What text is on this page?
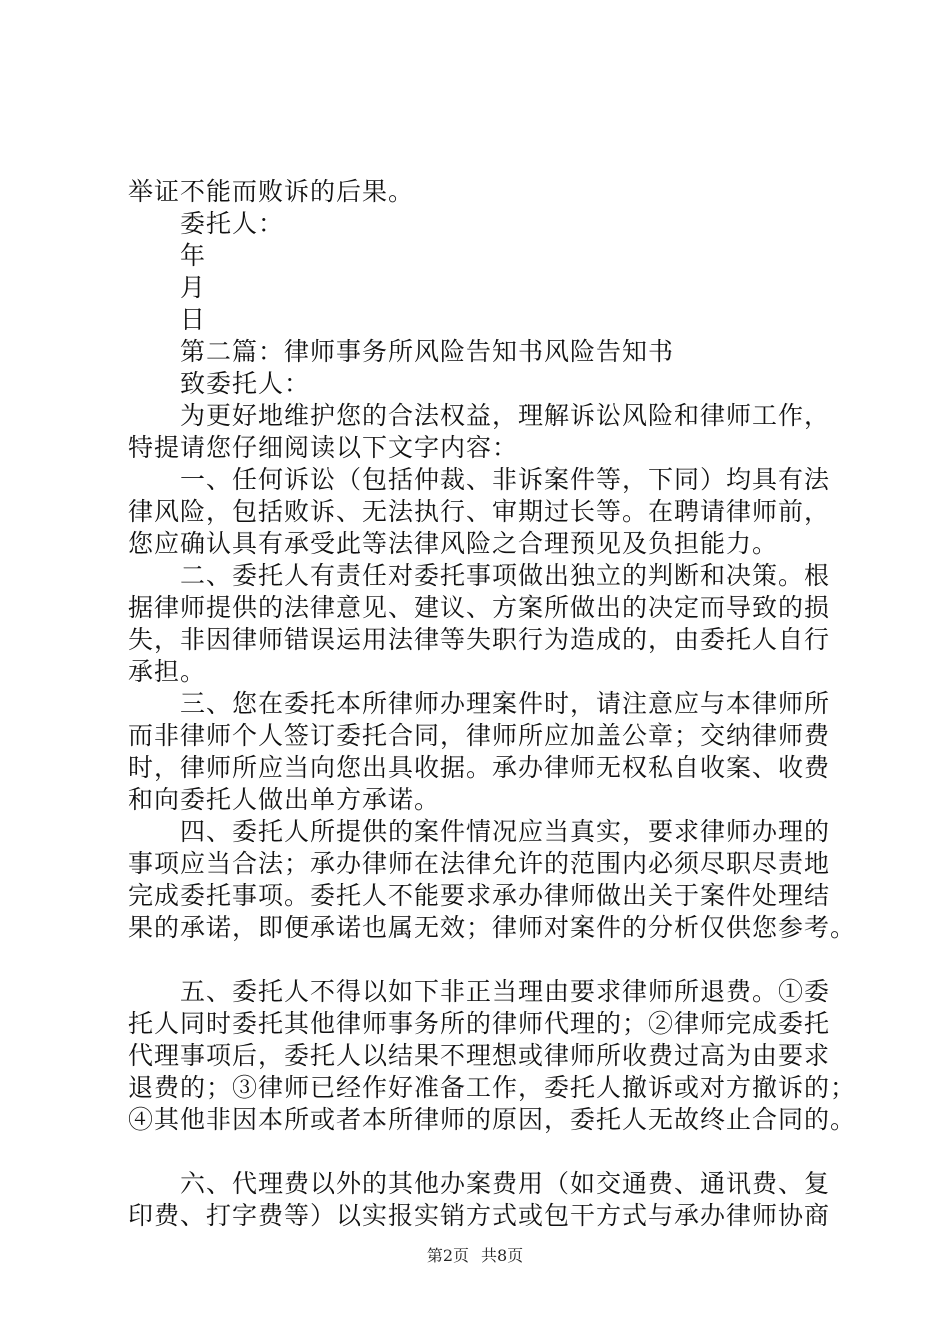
举证不能而败诉的后果。
委托人：
年
月
日
第二篇：律师事务所风险告知书风险告知书
致委托人：
为更好地维护您的合法权益，理解诉讼风险和律师工作，
特提请您仔细阅读以下文字内容：
一、任何诉讼（包括仲裁、非诉案件等，下同）均具有法
律风险，包括败诉、无法执行、审期过长等。在聘请律师前，
您应确认具有承受此等法律风险之合理预见及负担能力。
二、委托人有责任对委托事项做出独立的判断和决策。根
据律师提供的法律意见、建议、方案所做出的决定而导致的损
失，非因律师错误运用法律等失职行为造成的，由委托人自行
承担。
三、您在委托本所律师办理案件时，请注意应与本律师所
而非律师个人签订委托合同，律师所应加盖公章；交纳律师费
时，律师所应当向您出具收据。承办律师无权私自收案、收费
和向委托人做出单方承诺。
四、委托人所提供的案件情况应当真实，要求律师办理的
事项应当合法；承办律师在法律允许的范围内必须尽职尽责地
完成委托事项。委托人不能要求承办律师做出关于案件处理结
果的承诺，即便承诺也属无效；律师对案件的分析仅供您参考。
五、委托人不得以如下非正当理由要求律师所退费。①委
托人同时委托其他律师事务所的律师代理的；②律师完成委托
代理事项后，委托人以结果不理想或律师所收费过高为由要求
退费的；③律师已经作好准备工作，委托人撤诉或对方撤诉的；
④其他非因本所或者本所律师的原因，委托人无故终止合同的。
六、代理费以外的其他办案费用（如交通费、通讯费、复
印费、打字费等）以实报实销方式或包干方式与承办律师协商
第2页 共8页
